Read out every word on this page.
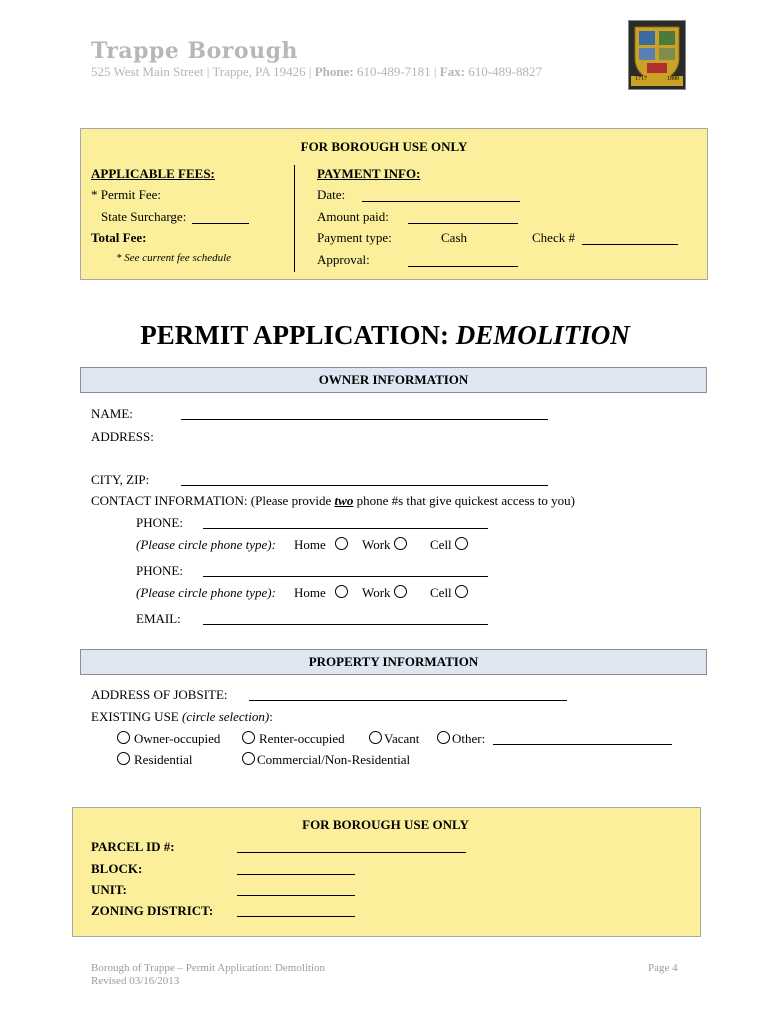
Trappe Borough
525 West Main Street | Trappe, PA 19426 | Phone: 610-489-7181 | Fax: 610-489-8827	1717	1890
FOR BOROUGH USE ONLY
APPLICABLE FEES:
* Permit Fee:
State Surcharge:
Total Fee:
* See current fee schedule
PAYMENT INFO:
Date:
Amount paid:
Payment type:	Cash	Check #
Approval:
PERMIT APPLICATION: DEMOLITION
OWNER INFORMATION
NAME:
ADDRESS:
CITY, ZIP:
CONTACT INFORMATION: (Please provide two phone #s that give quickest access to you)
PHONE:
(Please circle phone type): Home	Work	Cell
PHONE:
(Please circle phone type): Home	Work	Cell
EMAIL:
PROPERTY INFORMATION
ADDRESS OF JOBSITE:
EXISTING USE (circle selection):
Owner-occupied	Renter-occupied	Vacant	Other:
Residential	Commercial/Non-Residential
FOR BOROUGH USE ONLY
PARCEL ID #:
BLOCK:
UNIT:
ZONING DISTRICT:
Borough of Trappe – Permit Application: Demolition
Revised 03/16/2013
Page 4
